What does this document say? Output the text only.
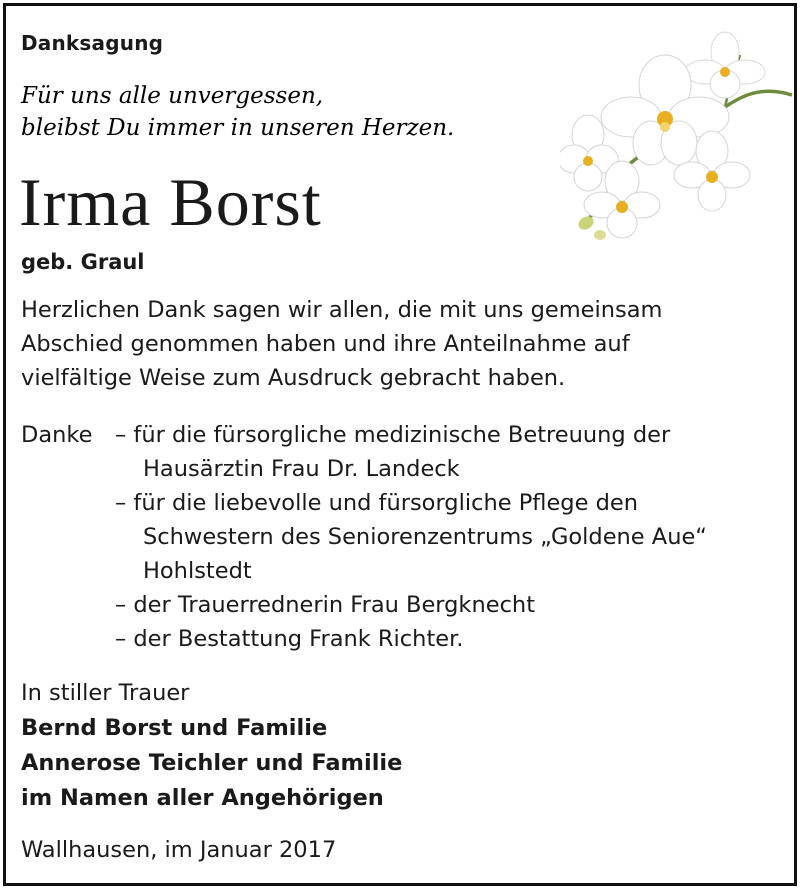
Danksagung
Für uns alle unvergessen,
bleibst Du immer in unseren Herzen.
Irma Borst
geb. Graul
Herzlichen Dank sagen wir allen, die mit uns gemeinsam
Abschied genommen haben und ihre Anteilnahme auf
vielfältige Weise zum Ausdruck gebracht haben.
Danke – für die fürsorgliche medizinische Betreuung der
Hausärztin Frau Dr. Landeck
– für die liebevolle und fürsorgliche Pflege den
Schwestern des Seniorenzentrums „Goldene Aue“
Hohlstedt
– der Trauerrednerin Frau Bergknecht
– der Bestattung Frank Richter.
In stiller Trauer
Bernd Borst und Familie
Annerose Teichler und Familie
im Namen aller Angehörigen
Wallhausen, im Januar 2017
